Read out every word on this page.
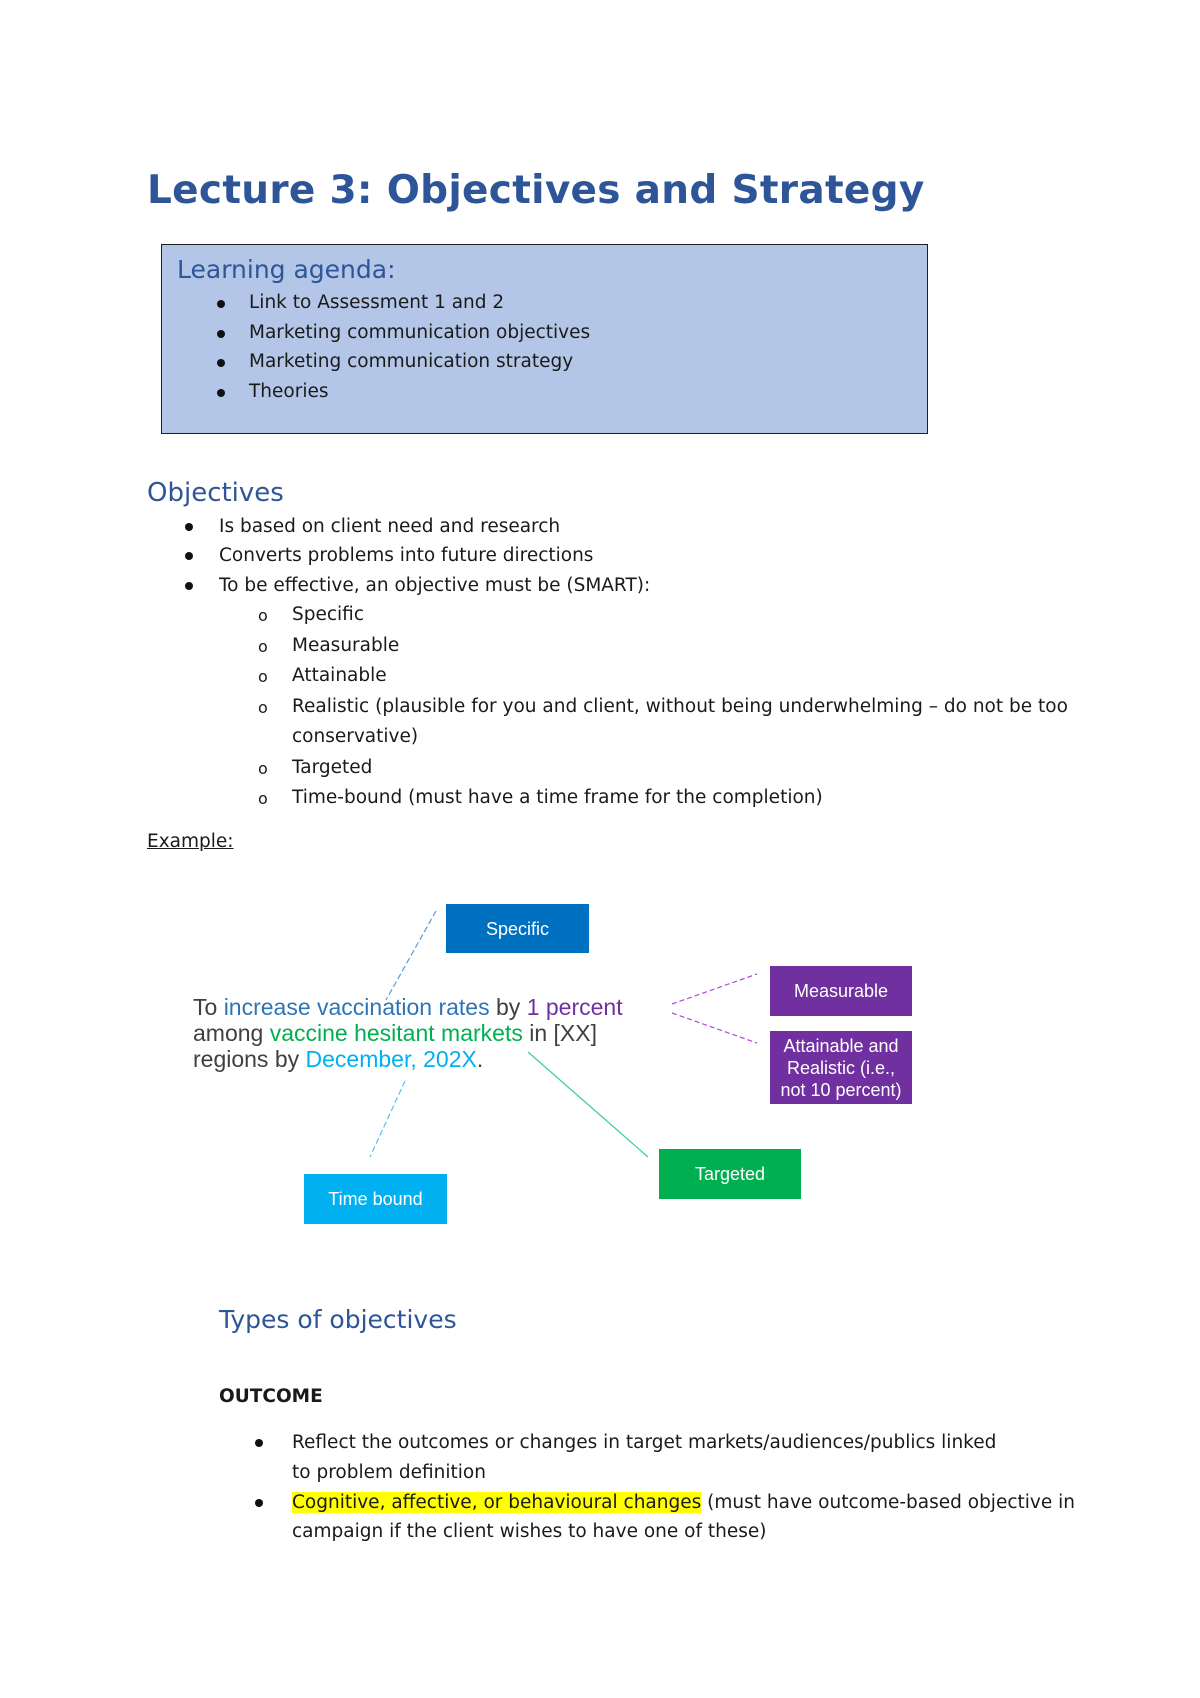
Lecture 3: Objectives and Strategy
Learning agenda:
Link to Assessment 1 and 2
Marketing communication objectives
Marketing communication strategy
Theories
Objectives
Is based on client need and research
Converts problems into future directions
To be effective, an objective must be (SMART):
o Specific
o Measurable
o Attainable
o Realistic (plausible for you and client, without being underwhelming – do not be too
conservative)
o Targeted
o Time-bound (must have a time frame for the completion)
Example:
Specific
Measurable
Attainable and
Realistic (i.e.,
not 10 percent)
Targeted
Time bound
To increase vaccination rates by 1 percent
among vaccine hesitant markets in [XX]
regions by December, 202X.
Types of objectives
OUTCOME
Reflect the outcomes or changes in target markets/audiences/publics linked
to problem definition
Cognitive, affective, or behavioural changes (must have outcome-based objective in
campaign if the client wishes to have one of these)
